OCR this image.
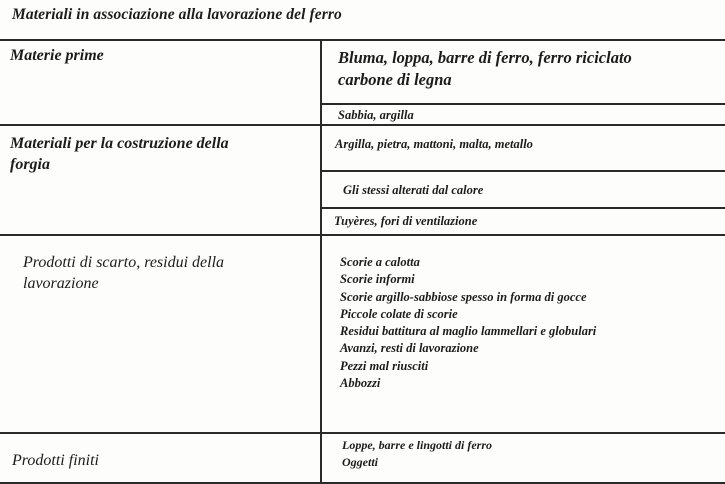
Materiali in associazione alla lavorazione del ferro
Materie prime	Bluma, loppa, barre di ferro, ferro riciclato
carbone di legna
Sabbia, argilla
Materiali per la costruzione della
forgia
Argilla, pietra, mattoni, malta, metallo
Gli stessi alterati dal calore
Tuyères, fori di ventilazione
Prodotti di scarto, residui della
lavorazione
Scorie a calotta
Scorie informi
Scorie argillo-sabbiose spesso in forma di gocce
Piccole colate di scorie
Residui battitura al maglio lammellari e globulari
Avanzi, resti di lavorazione
Pezzi mal riusciti
Abbozzi
Prodotti finiti
Loppe, barre e lingotti di ferro
Oggetti
